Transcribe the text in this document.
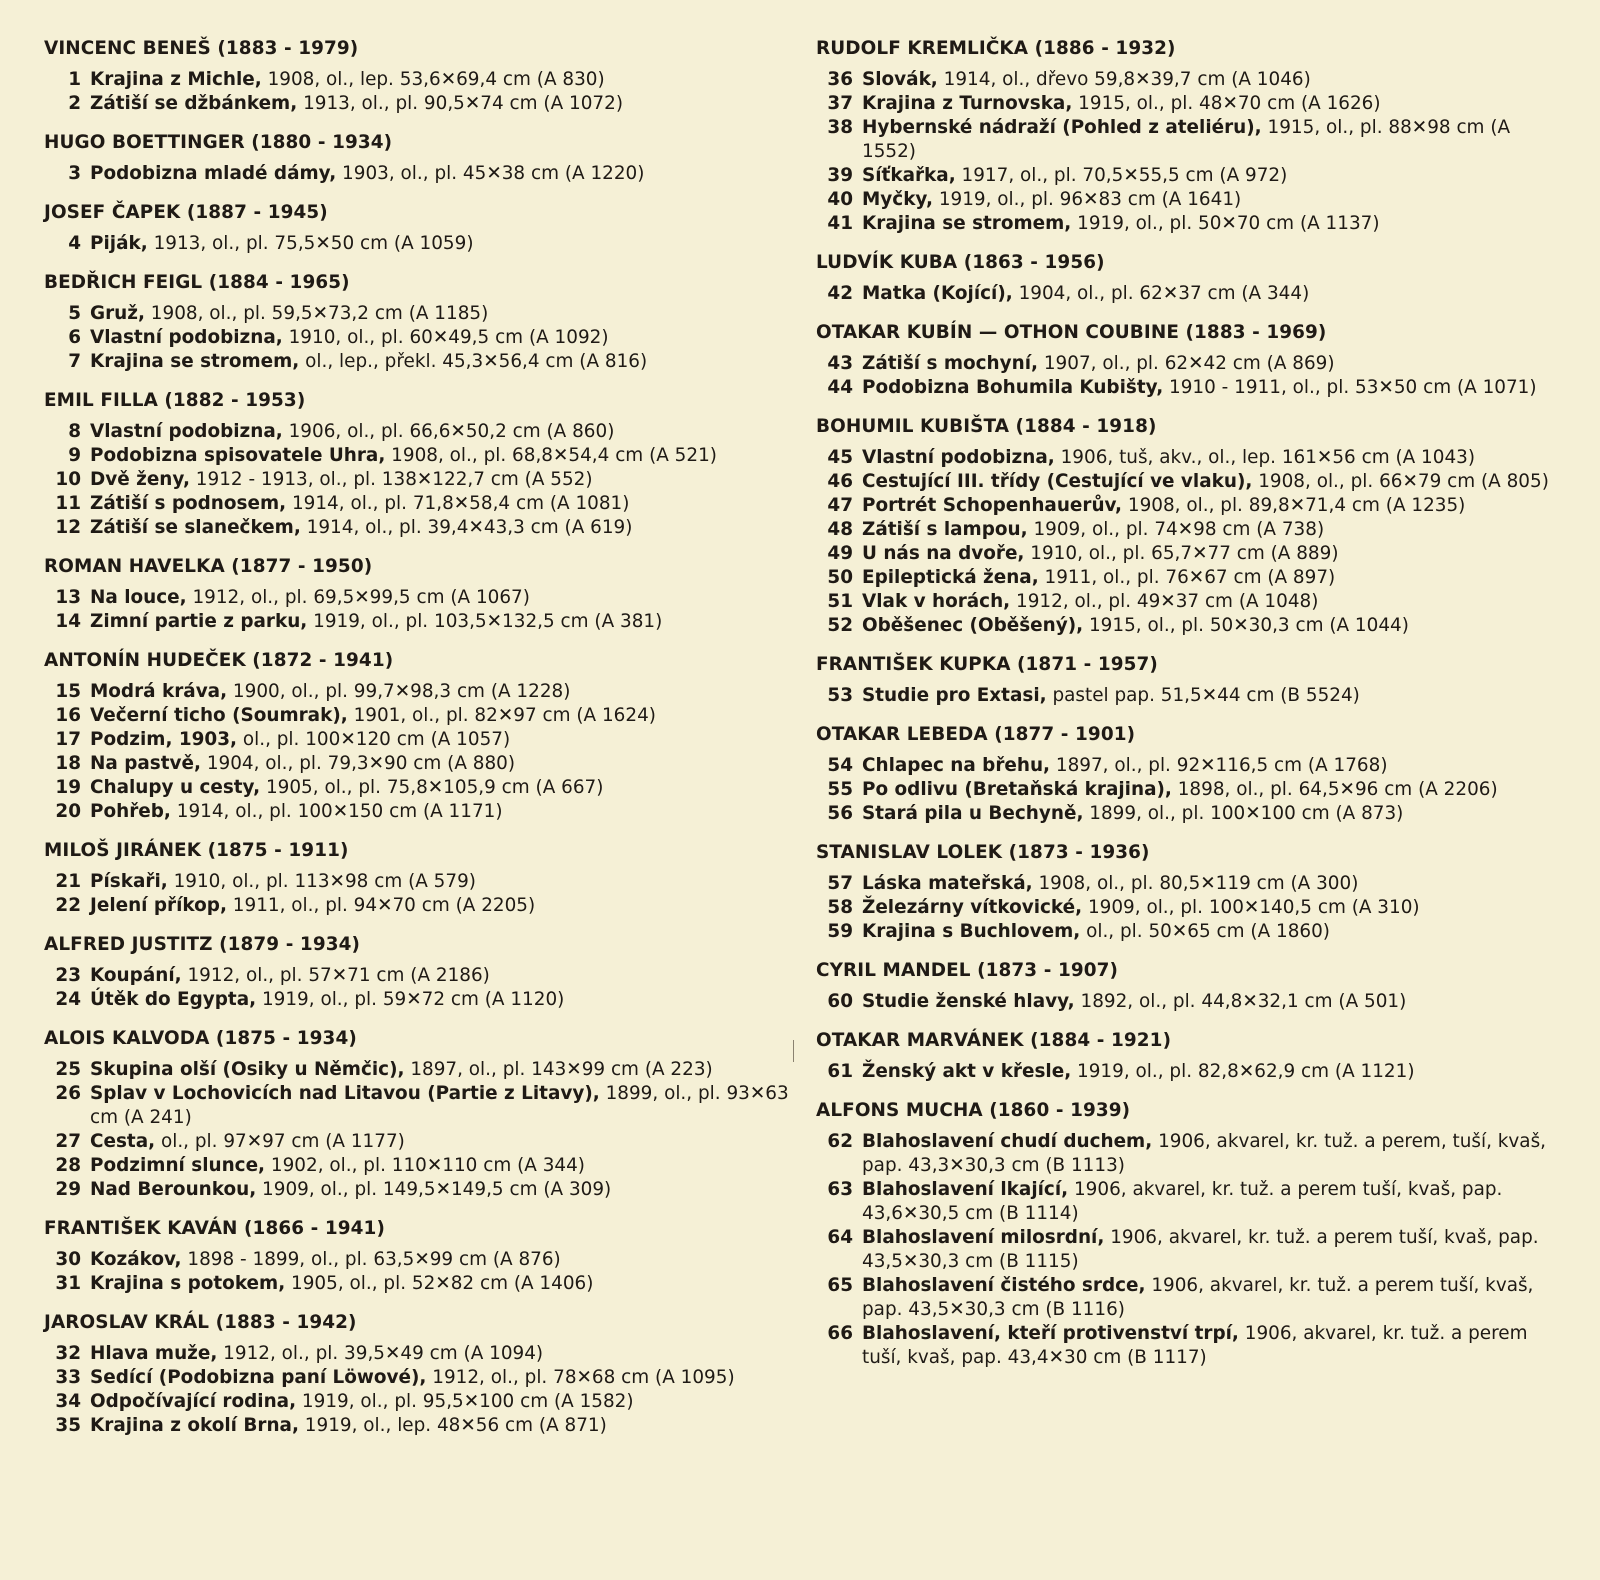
VINCENC BENEŠ (1883 - 1979)
1 Krajina z Michle, 1908, ol., lep. 53,6✕69,4 cm (A 830)
2 Zátiší se džbánkem, 1913, ol., pl. 90,5✕74 cm (A 1072)
HUGO BOETTINGER (1880 - 1934)
3 Podobizna mladé dámy, 1903, ol., pl. 45✕38 cm (A 1220)
JOSEF ČAPEK (1887 - 1945)
4 Piják, 1913, ol., pl. 75,5✕50 cm (A 1059)
BEDŘICH FEIGL (1884 - 1965)
5 Gruž, 1908, ol., pl. 59,5✕73,2 cm (A 1185)
6 Vlastní podobizna, 1910, ol., pl. 60✕49,5 cm (A 1092)
7 Krajina se stromem, ol., lep., překl. 45,3✕56,4 cm (A 816)
EMIL FILLA (1882 - 1953)
8 Vlastní podobizna, 1906, ol., pl. 66,6✕50,2 cm (A 860)
9 Podobizna spisovatele Uhra, 1908, ol., pl. 68,8✕54,4 cm (A 521)
10 Dvě ženy, 1912 - 1913, ol., pl. 138✕122,7 cm (A 552)
11 Zátiší s podnosem, 1914, ol., pl. 71,8✕58,4 cm (A 1081)
12 Zátiší se slanečkem, 1914, ol., pl. 39,4✕43,3 cm (A 619)
ROMAN HAVELKA (1877 - 1950)
13 Na louce, 1912, ol., pl. 69,5✕99,5 cm (A 1067)
14 Zimní partie z parku, 1919, ol., pl. 103,5✕132,5 cm (A 381)
ANTONÍN HUDEČEK (1872 - 1941)
15 Modrá kráva, 1900, ol., pl. 99,7✕98,3 cm (A 1228)
16 Večerní ticho (Soumrak), 1901, ol., pl. 82✕97 cm (A 1624)
17 Podzim, 1903, ol., pl. 100✕120 cm (A 1057)
18 Na pastvě, 1904, ol., pl. 79,3✕90 cm (A 880)
19 Chalupy u cesty, 1905, ol., pl. 75,8✕105,9 cm (A 667)
20 Pohřeb, 1914, ol., pl. 100✕150 cm (A 1171)
MILOŠ JIRÁNEK (1875 - 1911)
21 Pískaři, 1910, ol., pl. 113✕98 cm (A 579)
22 Jelení příkop, 1911, ol., pl. 94✕70 cm (A 2205)
ALFRED JUSTITZ (1879 - 1934)
23 Koupání, 1912, ol., pl. 57✕71 cm (A 2186)
24 Útěk do Egypta, 1919, ol., pl. 59✕72 cm (A 1120)
ALOIS KALVODA (1875 - 1934)
25 Skupina olší (Osiky u Němčic), 1897, ol., pl. 143✕99 cm (A 223)
26 Splav v Lochovicích nad Litavou (Partie z Litavy), 1899, ol., pl. 93✕63 cm (A 241)
27 Cesta, ol., pl. 97✕97 cm (A 1177)
28 Podzimní slunce, 1902, ol., pl. 110✕110 cm (A 344)
29 Nad Berounkou, 1909, ol., pl. 149,5✕149,5 cm (A 309)
FRANTIŠEK KAVÁN (1866 - 1941)
30 Kozákov, 1898 - 1899, ol., pl. 63,5✕99 cm (A 876)
31 Krajina s potokem, 1905, ol., pl. 52✕82 cm (A 1406)
JAROSLAV KRÁL (1883 - 1942)
32 Hlava muže, 1912, ol., pl. 39,5✕49 cm (A 1094)
33 Sedící (Podobizna paní Löwové), 1912, ol., pl. 78✕68 cm (A 1095)
34 Odpočívající rodina, 1919, ol., pl. 95,5✕100 cm (A 1582)
35 Krajina z okolí Brna, 1919, ol., lep. 48✕56 cm (A 871)
RUDOLF KREMLIČKA (1886 - 1932)
36 Slovák, 1914, ol., dřevo 59,8✕39,7 cm (A 1046)
37 Krajina z Turnovska, 1915, ol., pl. 48✕70 cm (A 1626)
38 Hybernské nádraží (Pohled z ateliéru), 1915, ol., pl. 88✕98 cm (A 1552)
39 Síťkařka, 1917, ol., pl. 70,5✕55,5 cm (A 972)
40 Myčky, 1919, ol., pl. 96✕83 cm (A 1641)
41 Krajina se stromem, 1919, ol., pl. 50✕70 cm (A 1137)
LUDVÍK KUBA (1863 - 1956)
42 Matka (Kojící), 1904, ol., pl. 62✕37 cm (A 344)
OTAKAR KUBÍN — OTHON COUBINE (1883 - 1969)
43 Zátiší s mochyní, 1907, ol., pl. 62✕42 cm (A 869)
44 Podobizna Bohumila Kubišty, 1910 - 1911, ol., pl. 53✕50 cm (A 1071)
BOHUMIL KUBIŠTA (1884 - 1918)
45 Vlastní podobizna, 1906, tuš, akv., ol., lep. 161✕56 cm (A 1043)
46 Cestující III. třídy (Cestující ve vlaku), 1908, ol., pl. 66✕79 cm (A 805)
47 Portrét Schopenhauerův, 1908, ol., pl. 89,8✕71,4 cm (A 1235)
48 Zátiší s lampou, 1909, ol., pl. 74✕98 cm (A 738)
49 U nás na dvoře, 1910, ol., pl. 65,7✕77 cm (A 889)
50 Epileptická žena, 1911, ol., pl. 76✕67 cm (A 897)
51 Vlak v horách, 1912, ol., pl. 49✕37 cm (A 1048)
52 Oběšenec (Oběšený), 1915, ol., pl. 50✕30,3 cm (A 1044)
FRANTIŠEK KUPKA (1871 - 1957)
53 Studie pro Extasi, pastel pap. 51,5✕44 cm (B 5524)
OTAKAR LEBEDA (1877 - 1901)
54 Chlapec na břehu, 1897, ol., pl. 92✕116,5 cm (A 1768)
55 Po odlivu (Bretaňská krajina), 1898, ol., pl. 64,5✕96 cm (A 2206)
56 Stará pila u Bechyně, 1899, ol., pl. 100✕100 cm (A 873)
STANISLAV LOLEK (1873 - 1936)
57 Láska mateřská, 1908, ol., pl. 80,5✕119 cm (A 300)
58 Železárny vítkovické, 1909, ol., pl. 100✕140,5 cm (A 310)
59 Krajina s Buchlovem, ol., pl. 50✕65 cm (A 1860)
CYRIL MANDEL (1873 - 1907)
60 Studie ženské hlavy, 1892, ol., pl. 44,8✕32,1 cm (A 501)
OTAKAR MARVÁNEK (1884 - 1921)
61 Ženský akt v křesle, 1919, ol., pl. 82,8✕62,9 cm (A 1121)
ALFONS MUCHA (1860 - 1939)
62 Blahoslavení chudí duchem, 1906, akvarel, kr. tuž. a perem, tuší, kvaš, pap. 43,3✕30,3 cm (B 1113)
63 Blahoslavení lkající, 1906, akvarel, kr. tuž. a perem tuší, kvaš, pap. 43,6✕30,5 cm (B 1114)
64 Blahoslavení milosrdní, 1906, akvarel, kr. tuž. a perem tuší, kvaš, pap. 43,5✕30,3 cm (B 1115)
65 Blahoslavení čistého srdce, 1906, akvarel, kr. tuž. a perem tuší, kvaš, pap. 43,5✕30,3 cm (B 1116)
66 Blahoslavení, kteří protivenství trpí, 1906, akvarel, kr. tuž. a perem tuší, kvaš, pap. 43,4✕30 cm (B 1117)
